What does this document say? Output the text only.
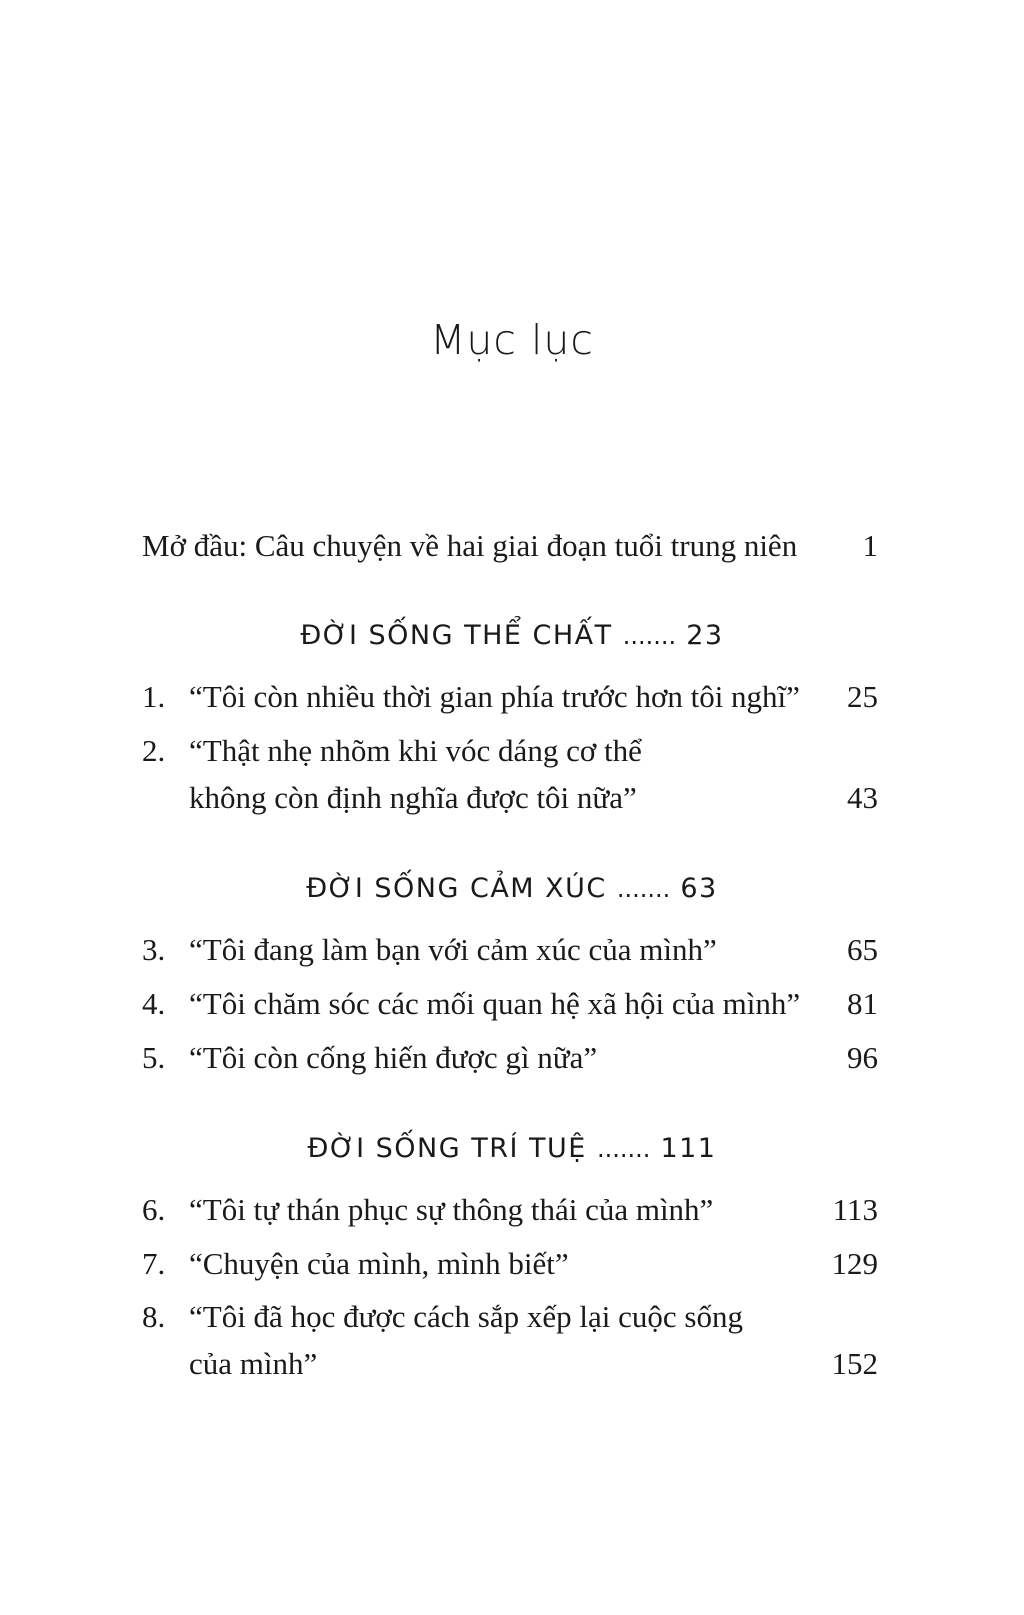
Mục lục
Mở đầu: Câu chuyện về hai giai đoạn tuổi trung niên 1
ĐỜI SỐNG THỂ CHẤT ....... 23
1. “Tôi còn nhiều thời gian phía trước hơn tôi nghĩ”	25
2. “Thật nhẹ nhõm khi vóc dáng cơ thể
không còn định nghĩa được tôi nữa”	43
ĐỜI SỐNG CẢM XÚC ....... 63
3. “Tôi đang làm bạn với cảm xúc của mình”	65
4. “Tôi chăm sóc các mối quan hệ xã hội của mình”	81
5. “Tôi còn cống hiến được gì nữa”	96
ĐỜI SỐNG TRÍ TUỆ ....... 111
6. “Tôi tự thán phục sự thông thái của mình”	113
7. “Chuyện của mình, mình biết”	129
8. “Tôi đã học được cách sắp xếp lại cuộc sống
của mình”	152
